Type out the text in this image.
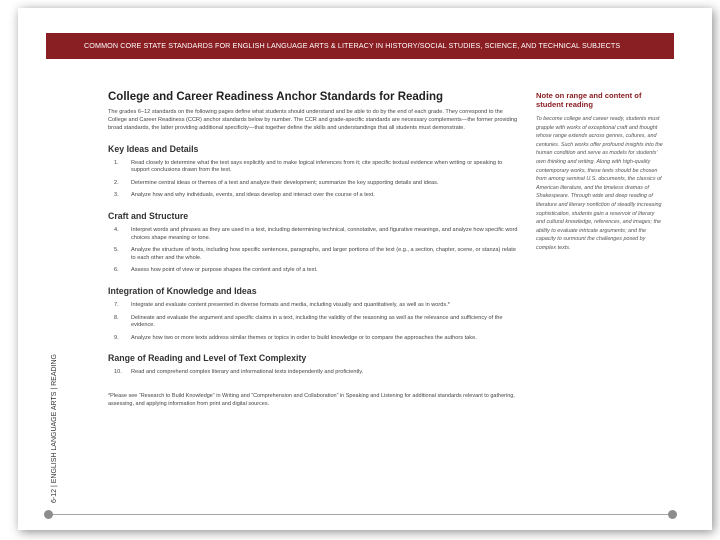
COMMON CORE STATE STANDARDS FOR ENGLISH LANGUAGE ARTS & LITERACY IN HISTORY/SOCIAL STUDIES, SCIENCE, AND TECHNICAL SUBJECTS
6-12 | ENGLISH LANGUAGE ARTS | READING
College and Career Readiness Anchor Standards for Reading

The grades 6–12 standards on the following pages define what students should understand and be able to do by the end of each grade. They correspond to the College and Career Readiness (CCR) anchor standards below by number. The CCR and grade-specific standards are necessary complements—the former providing broad standards, the latter providing additional specificity—that together define the skills and understandings that all students must demonstrate.

Key Ideas and Details
1.	Read closely to determine what the text says explicitly and to make logical inferences from it; cite specific textual evidence when writing or speaking to support conclusions drawn from the text.
2.	Determine central ideas or themes of a text and analyze their development; summarize the key supporting details and ideas.
3.	Analyze how and why individuals, events, and ideas develop and interact over the course of a text.
Craft and Structure
4.	Interpret words and phrases as they are used in a text, including determining technical, connotative, and figurative meanings, and analyze how specific word choices shape meaning or tone.
5.	Analyze the structure of texts, including how specific sentences, paragraphs, and larger portions of the text (e.g., a section, chapter, scene, or stanza) relate to each other and the whole.
6.	Assess how point of view or purpose shapes the content and style of a text.
Integration of Knowledge and Ideas
7.	Integrate and evaluate content presented in diverse formats and media, including visually and quantitatively, as well as in words.*
8.	Delineate and evaluate the argument and specific claims in a text, including the validity of the reasoning as well as the relevance and sufficiency of the evidence.
9.	Analyze how two or more texts address similar themes or topics in order to build knowledge or to compare the approaches the authors take.
Range of Reading and Level of Text Complexity
10.	Read and comprehend complex literary and informational texts independently and proficiently.

*Please see “Research to Build Knowledge” in Writing and “Comprehension and Collaboration” in Speaking and Listening for additional standards relevant to gathering, assessing, and applying information from print and digital sources.

Note on range and content of student reading

To become college and career ready, students must grapple with works of exceptional craft and thought whose range extends across genres, cultures, and centuries. Such works offer profound insights into the human condition and serve as models for students’ own thinking and writing. Along with high-quality contemporary works, these texts should be chosen from among seminal U.S. documents, the classics of American literature, and the timeless dramas of Shakespeare. Through wide and deep reading of literature and literary nonfiction of steadily increasing sophistication, students gain a reservoir of literary and cultural knowledge, references, and images; the ability to evaluate intricate arguments; and the capacity to surmount the challenges posed by complex texts.
